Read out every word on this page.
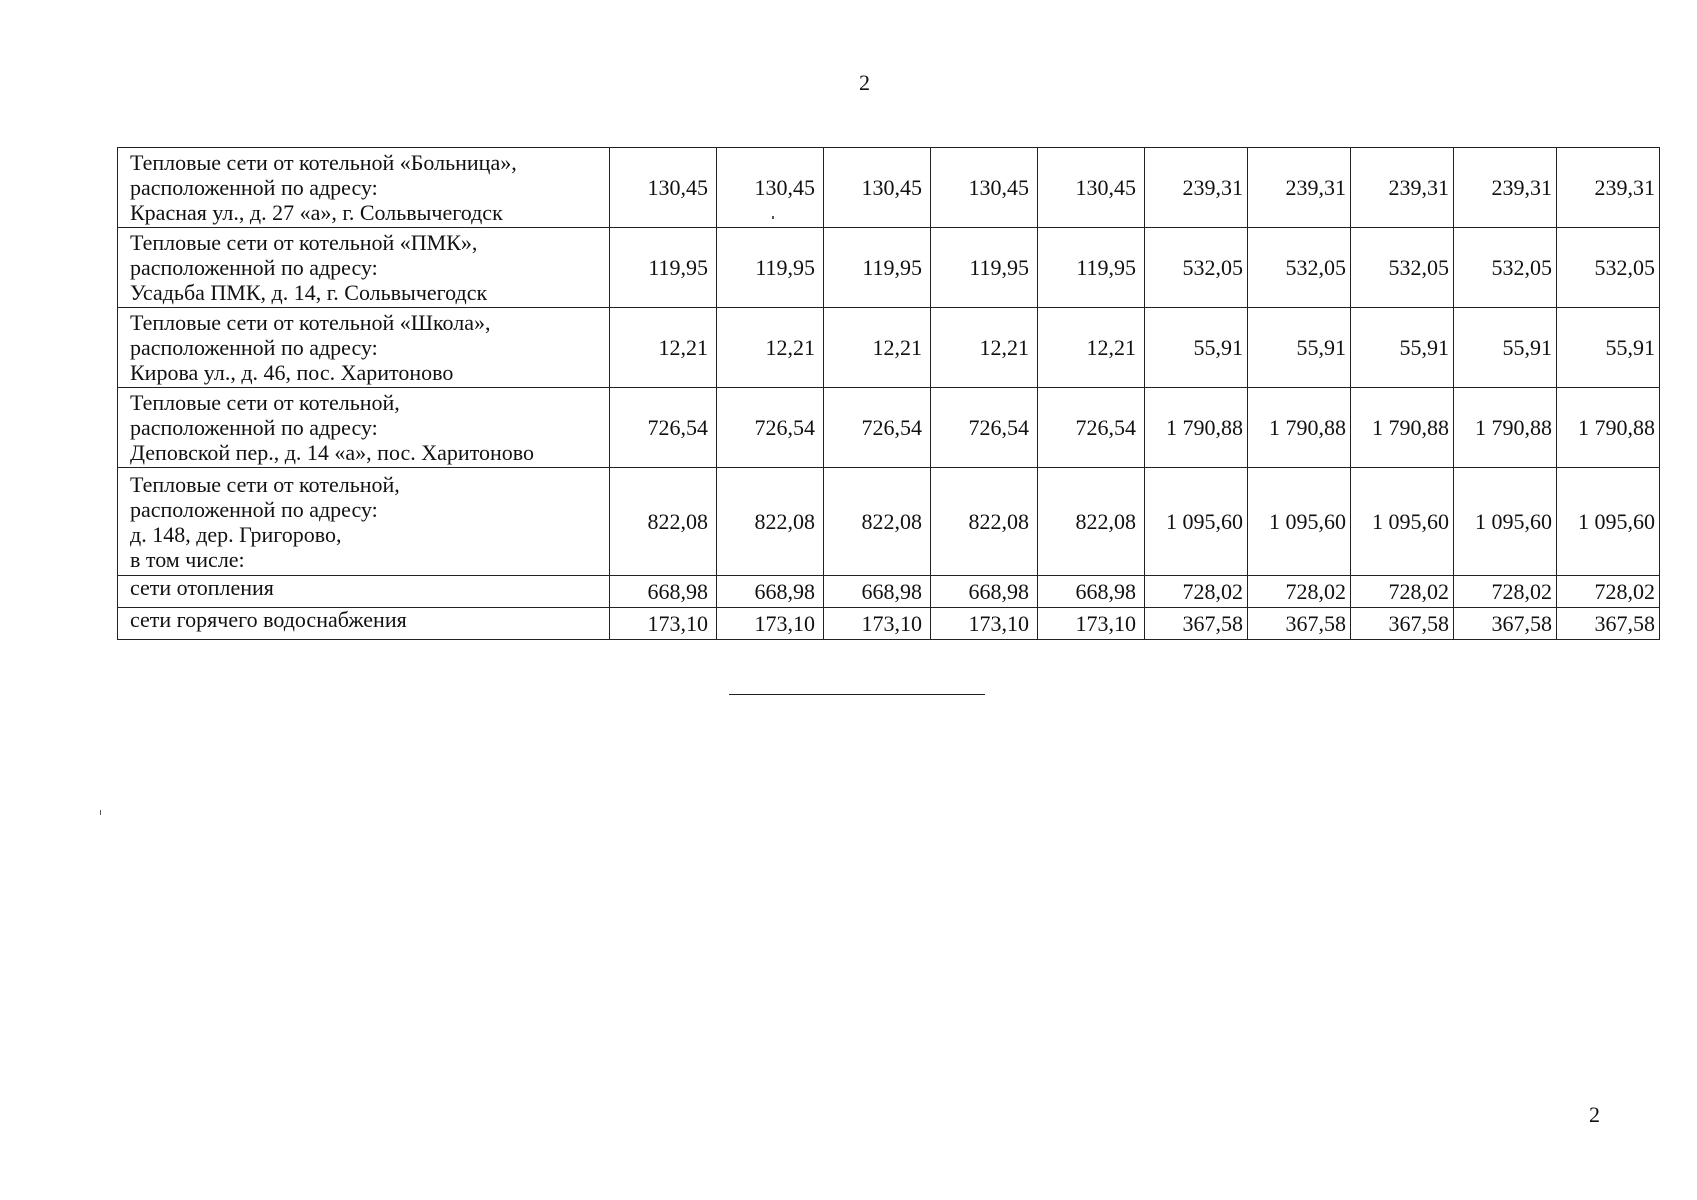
2
Тепловые сети от котельной «Больница»,
расположенной по адресу:
Красная ул., д. 27 «а», г. Сольвычегодск	130,45	130,45	130,45	130,45	130,45	239,31	239,31	239,31	239,31	239,31

Тепловые сети от котельной «ПМК»,
расположенной по адресу:
Усадьба ПМК, д. 14, г. Сольвычегодск	119,95	119,95	119,95	119,95	119,95	532,05	532,05	532,05	532,05	532,05

Тепловые сети от котельной «Школа»,
расположенной по адресу:
Кирова ул., д. 46, пос. Харитоново	12,21	12,21	12,21	12,21	12,21	55,91	55,91	55,91	55,91	55,91

Тепловые сети от котельной,
расположенной по адресу:
Деповской пер., д. 14 «а», пос. Харитоново	726,54	726,54	726,54	726,54	726,54	1 790,88	1 790,88	1 790,88	1 790,88	1 790,88

Тепловые сети от котельной,
расположенной по адресу:
д. 148, дер. Григорово,
в том числе:	822,08	822,08	822,08	822,08	822,08	1 095,60	1 095,60	1 095,60	1 095,60	1 095,60

сети отопления	668,98	668,98	668,98	668,98	668,98	728,02	728,02	728,02	728,02	728,02

сети горячего водоснабжения	173,10	173,10	173,10	173,10	173,10	367,58	367,58	367,58	367,58	367,58
2
